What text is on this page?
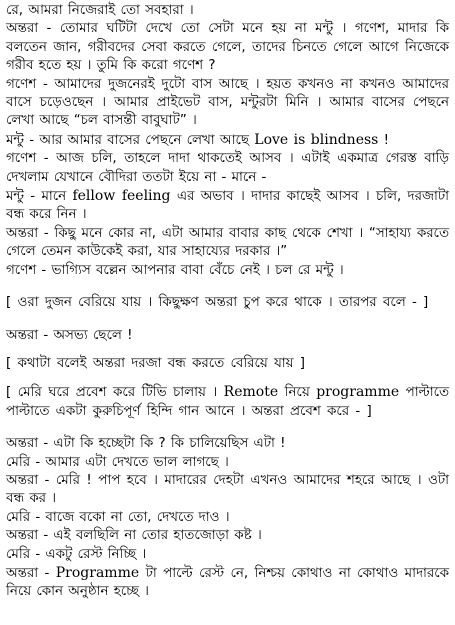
রে, আমরা নিজেরাই তো সবহারা ।

অন্তরা - তোমার ঘটিটা দেখে তো সেটা মনে হয় না মন্টু । গণেশ, মাদার কি বলতেন জান, গরীবদের সেবা করতে গেলে, তাদের চিনতে গেলে আগে নিজেকে গরীব হতে হয় । তুমি কি করো গণেশ ?

গণেশ - আমাদের দুজনেরই দুটো বাস আছে । হয়ত কখনও না কখনও আমাদের বাসে চড়েওছেন । আমার প্রাইভেট বাস, মন্টুরটা মিনি । আমার বাসের পেছনে লেখা আছে “চল বাসন্তী বাবুঘাট” ।

মন্টু - আর আমার বাসের পেছনে লেখা আছে Love is blindness !

গণেশ - আজ চলি, তাহলে দাদা থাকতেই আসব । এটাই একমাত্র গেরস্ত বাড়ি দেখলাম যেখানে বৌদিরা ততটা ইয়ে না - মানে -

মন্টু - মানে fellow feeling এর অভাব । দাদার কাছেই আসব । চলি, দরজাটা বন্ধ করে নিন ।

অন্তরা - কিছু মনে কোর না, এটা আমার বাবার কাছ থেকে শেখা । “সাহায্য করতে গেলে তেমন কাউকেই করা, যার সাহায্যের দরকার ।”

গণেশ - ভাগ্যিস বল্লেন আপনার বাবা বেঁচে নেই । চল রে মন্টু ।

[ ওরা দুজন বেরিয়ে যায় । কিছুক্ষণ অন্তরা চুপ করে থাকে । তারপর বলে - ]

অন্তরা - অসভ্য ছেলে !

[ কথাটা বলেই অন্তরা দরজা বন্ধ করতে বেরিয়ে যায় ]

[ মেরি ঘরে প্রবেশ করে টিভি চালায় । Remote নিয়ে programme পাল্টাতে পাল্টাতে একটা কুরুচিপূর্ণ হিন্দি গান আনে । অন্তরা প্রবেশ করে - ]

অন্তরা - এটা কি হচ্ছেটা কি ? কি চালিয়েছিস এটা !

মেরি - আমার এটা দেখতে ভাল লাগছে ।

অন্তরা - মেরি ! পাপ হবে । মাদারের দেহটা এখনও আমাদের শহরে আছে । ওটা বন্ধ কর ।

মেরি - বাজে বকো না তো, দেখতে দাও ।

অন্তরা - এই বলছিলি না তোর হাতজোড়া কষ্ট ।

মেরি - একটু রেস্ট নিচ্ছি ।

অন্তরা - Programme টা পাল্টে রেস্ট নে, নিশ্চয় কোথাও না কোথাও মাদারকে নিয়ে কোন অনুষ্ঠান হচ্ছে ।
